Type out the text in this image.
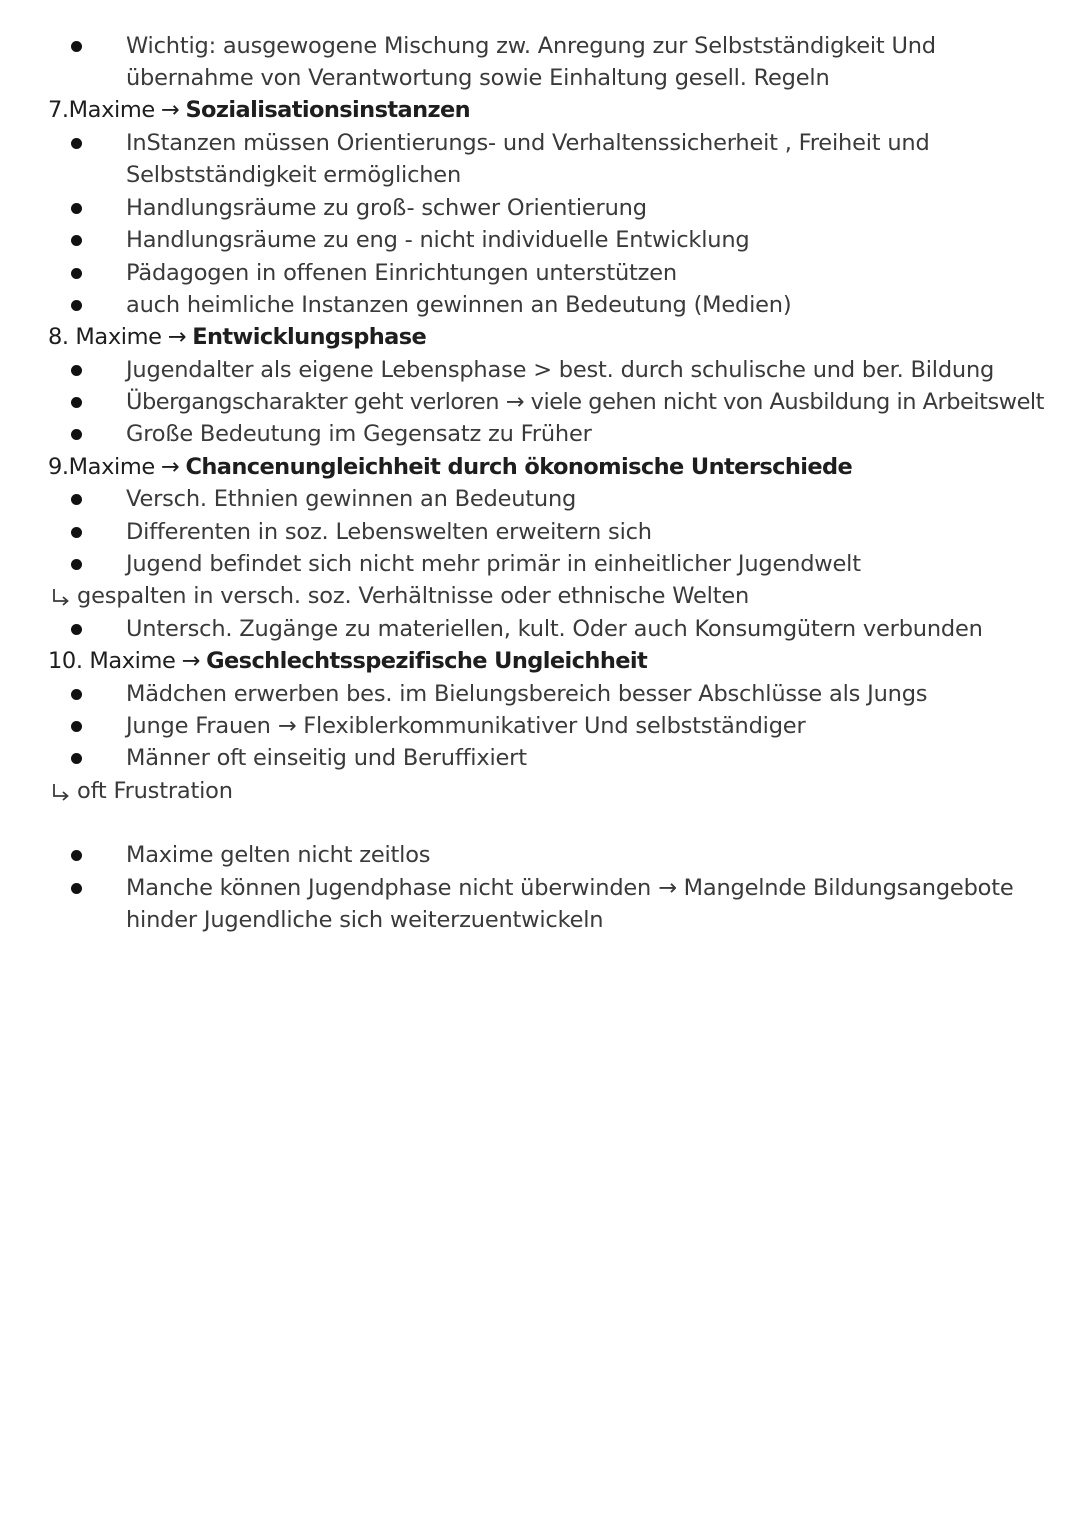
Wichtig: ausgewogene Mischung zw. Anregung zur Selbstständigkeit Und
übernahme von Verantwortung sowie Einhaltung gesell. Regeln
7.Maxime → Sozialisationsinstanzen
InStanzen müssen Orientierungs- und Verhaltenssicherheit , Freiheit und
Selbstständigkeit ermöglichen
Handlungsräume zu groß- schwer Orientierung
Handlungsräume zu eng - nicht individuelle Entwicklung
Pädagogen in offenen Einrichtungen unterstützen
auch heimliche Instanzen gewinnen an Bedeutung (Medien)
8. Maxime → Entwicklungsphase
Jugendalter als eigene Lebensphase > best. durch schulische und ber. Bildung
Übergangscharakter geht verloren → viele gehen nicht von Ausbildung in Arbeitswelt
Große Bedeutung im Gegensatz zu Früher
9.Maxime → Chancenungleichheit durch ökonomische Unterschiede
Versch. Ethnien gewinnen an Bedeutung
Differenten in soz. Lebenswelten erweitern sich
Jugend befindet sich nicht mehr primär in einheitlicher Jugendwelt
gespalten in versch. soz. Verhältnisse oder ethnische Welten
Untersch. Zugänge zu materiellen, kult. Oder auch Konsumgütern verbunden
10. Maxime → Geschlechtsspezifische Ungleichheit
Mädchen erwerben bes. im Bielungsbereich besser Abschlüsse als Jungs
Junge Frauen → Flexiblerkommunikativer Und selbstständiger
Männer oft einseitig und Beruffixiert
oft Frustration
Maxime gelten nicht zeitlos
Manche können Jugendphase nicht überwinden → Mangelnde Bildungsangebote
hinder Jugendliche sich weiterzuentwickeln
